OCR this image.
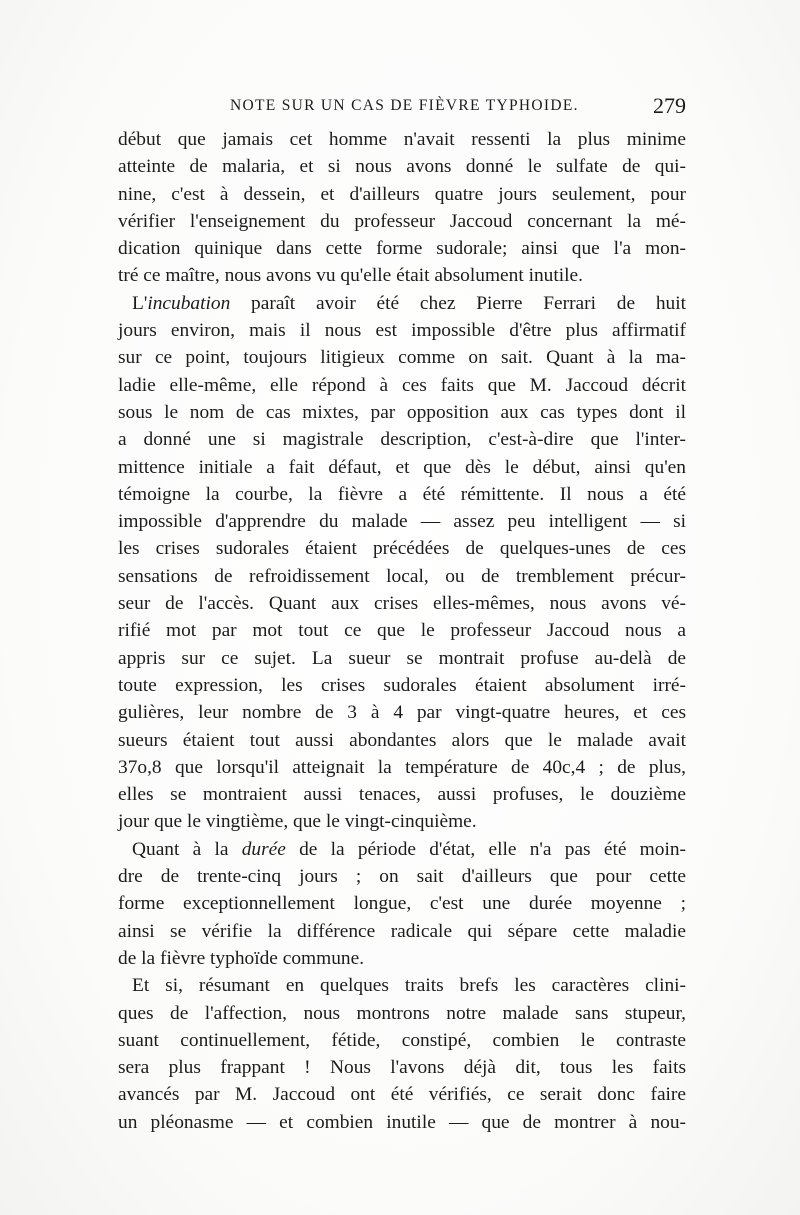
NOTE SUR UN CAS DE FIÈVRE TYPHOIDE.	279
début que jamais cet homme n'avait ressenti la plus minime
atteinte de malaria, et si nous avons donné le sulfate de qui-
nine, c'est à dessein, et d'ailleurs quatre jours seulement, pour
vérifier l'enseignement du professeur Jaccoud concernant la mé-
dication quinique dans cette forme sudorale; ainsi que l'a mon-
tré ce maître, nous avons vu qu'elle était absolument inutile.
L'incubation paraît avoir été chez Pierre Ferrari de huit
jours environ, mais il nous est impossible d'être plus affirmatif
sur ce point, toujours litigieux comme on sait. Quant à la ma-
ladie elle-même, elle répond à ces faits que M. Jaccoud décrit
sous le nom de cas mixtes, par opposition aux cas types dont il
a donné une si magistrale description, c'est-à-dire que l'inter-
mittence initiale a fait défaut, et que dès le début, ainsi qu'en
témoigne la courbe, la fièvre a été rémittente. Il nous a été
impossible d'apprendre du malade — assez peu intelligent — si
les crises sudorales étaient précédées de quelques-unes de ces
sensations de refroidissement local, ou de tremblement précur-
seur de l'accès. Quant aux crises elles-mêmes, nous avons vé-
rifié mot par mot tout ce que le professeur Jaccoud nous a
appris sur ce sujet. La sueur se montrait profuse au-delà de
toute expression, les crises sudorales étaient absolument irré-
gulières, leur nombre de 3 à 4 par vingt-quatre heures, et ces
sueurs étaient tout aussi abondantes alors que le malade avait
37o,8 que lorsqu'il atteignait la température de 40c,4 ; de plus,
elles se montraient aussi tenaces, aussi profuses, le douzième
jour que le vingtième, que le vingt-cinquième.
Quant à la durée de la période d'état, elle n'a pas été moin-
dre de trente-cinq jours ; on sait d'ailleurs que pour cette
forme exceptionnellement longue, c'est une durée moyenne ;
ainsi se vérifie la différence radicale qui sépare cette maladie
de la fièvre typhoïde commune.
Et si, résumant en quelques traits brefs les caractères clini-
ques de l'affection, nous montrons notre malade sans stupeur,
suant continuellement, fétide, constipé, combien le contraste
sera plus frappant ! Nous l'avons déjà dit, tous les faits
avancés par M. Jaccoud ont été vérifiés, ce serait donc faire
un pléonasme — et combien inutile — que de montrer à nou-
